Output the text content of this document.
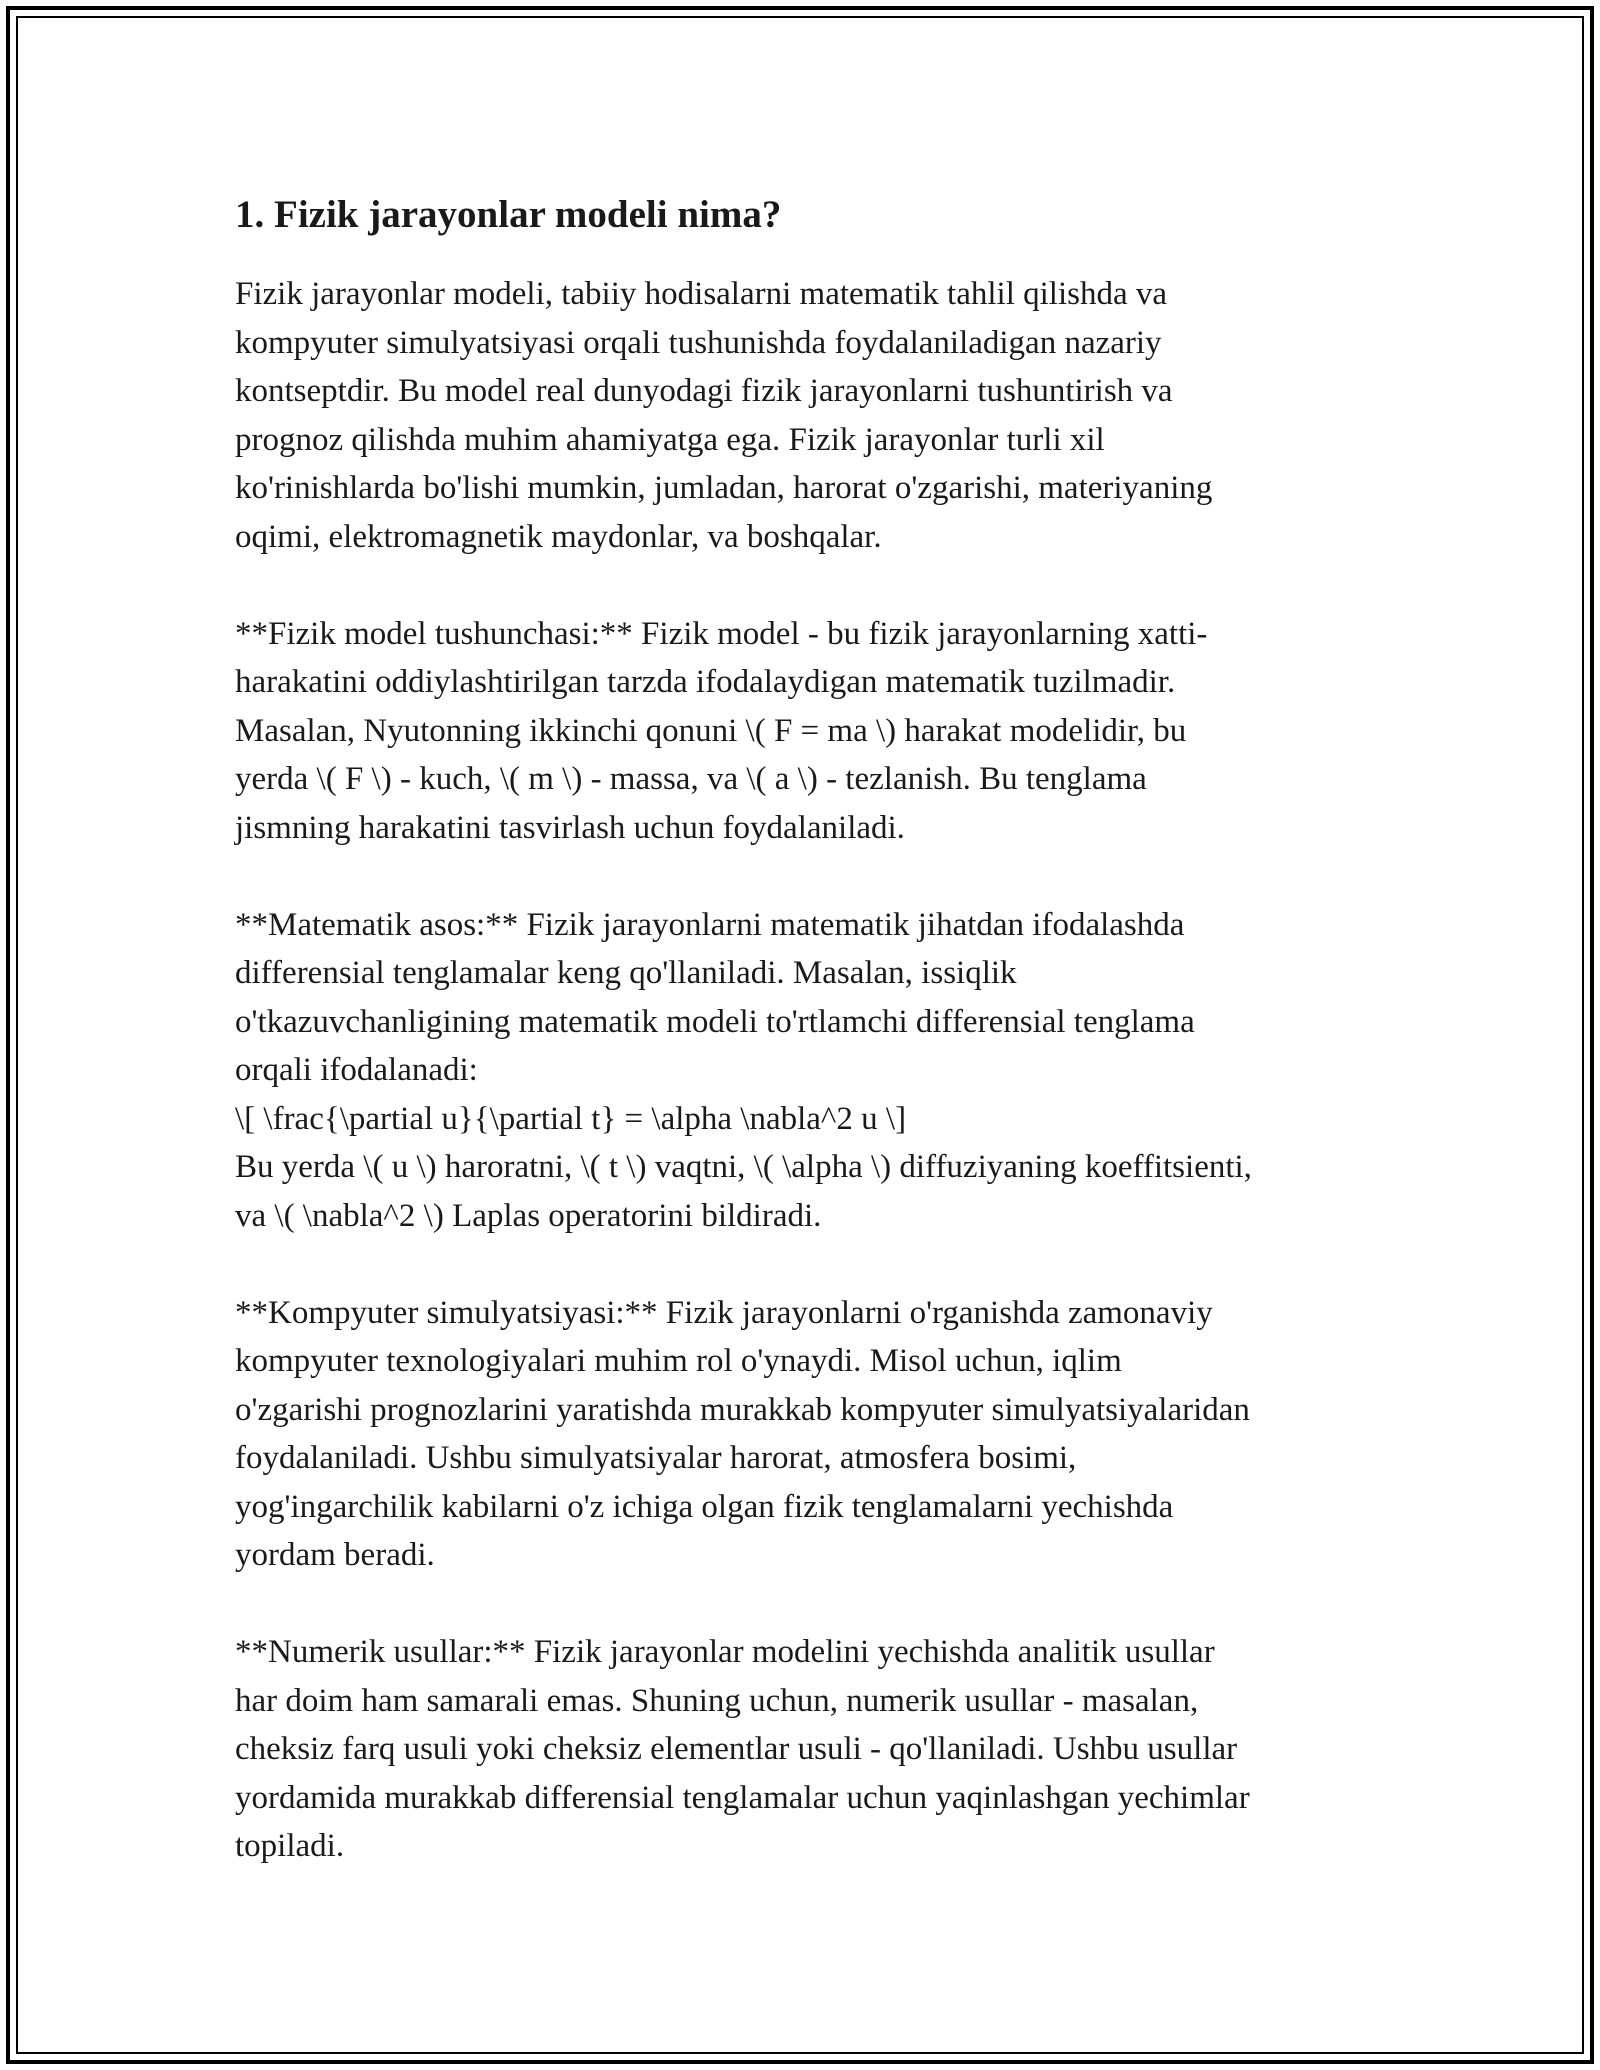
1. Fizik jarayonlar modeli nima?

Fizik jarayonlar modeli, tabiiy hodisalarni matematik tahlil qilishda va
kompyuter simulyatsiyasi orqali tushunishda foydalaniladigan nazariy
kontseptdir. Bu model real dunyodagi fizik jarayonlarni tushuntirish va
prognoz qilishda muhim ahamiyatga ega. Fizik jarayonlar turli xil
ko'rinishlarda bo'lishi mumkin, jumladan, harorat o'zgarishi, materiyaning
oqimi, elektromagnetik maydonlar, va boshqalar.

**Fizik model tushunchasi:** Fizik model - bu fizik jarayonlarning xatti-
harakatini oddiylashtirilgan tarzda ifodalaydigan matematik tuzilmadir.
Masalan, Nyutonning ikkinchi qonuni \( F = ma \) harakat modelidir, bu
yerda \( F \) - kuch, \( m \) - massa, va \( a \) - tezlanish. Bu tenglama
jismning harakatini tasvirlash uchun foydalaniladi.

**Matematik asos:** Fizik jarayonlarni matematik jihatdan ifodalashda
differensial tenglamalar keng qo'llaniladi. Masalan, issiqlik
o'tkazuvchanligining matematik modeli to'rtlamchi differensial tenglama
orqali ifodalanadi:
\[ \frac{\partial u}{\partial t} = \alpha \nabla^2 u \]
Bu yerda \( u \) haroratni, \( t \) vaqtni, \( \alpha \) diffuziyaning koeffitsienti,
va \( \nabla^2 \) Laplas operatorini bildiradi.

**Kompyuter simulyatsiyasi:** Fizik jarayonlarni o'rganishda zamonaviy
kompyuter texnologiyalari muhim rol o'ynaydi. Misol uchun, iqlim
o'zgarishi prognozlarini yaratishda murakkab kompyuter simulyatsiyalaridan
foydalaniladi. Ushbu simulyatsiyalar harorat, atmosfera bosimi,
yog'ingarchilik kabilarni o'z ichiga olgan fizik tenglamalarni yechishda
yordam beradi.

**Numerik usullar:** Fizik jarayonlar modelini yechishda analitik usullar
har doim ham samarali emas. Shuning uchun, numerik usullar - masalan,
cheksiz farq usuli yoki cheksiz elementlar usuli - qo'llaniladi. Ushbu usullar
yordamida murakkab differensial tenglamalar uchun yaqinlashgan yechimlar
topiladi.
